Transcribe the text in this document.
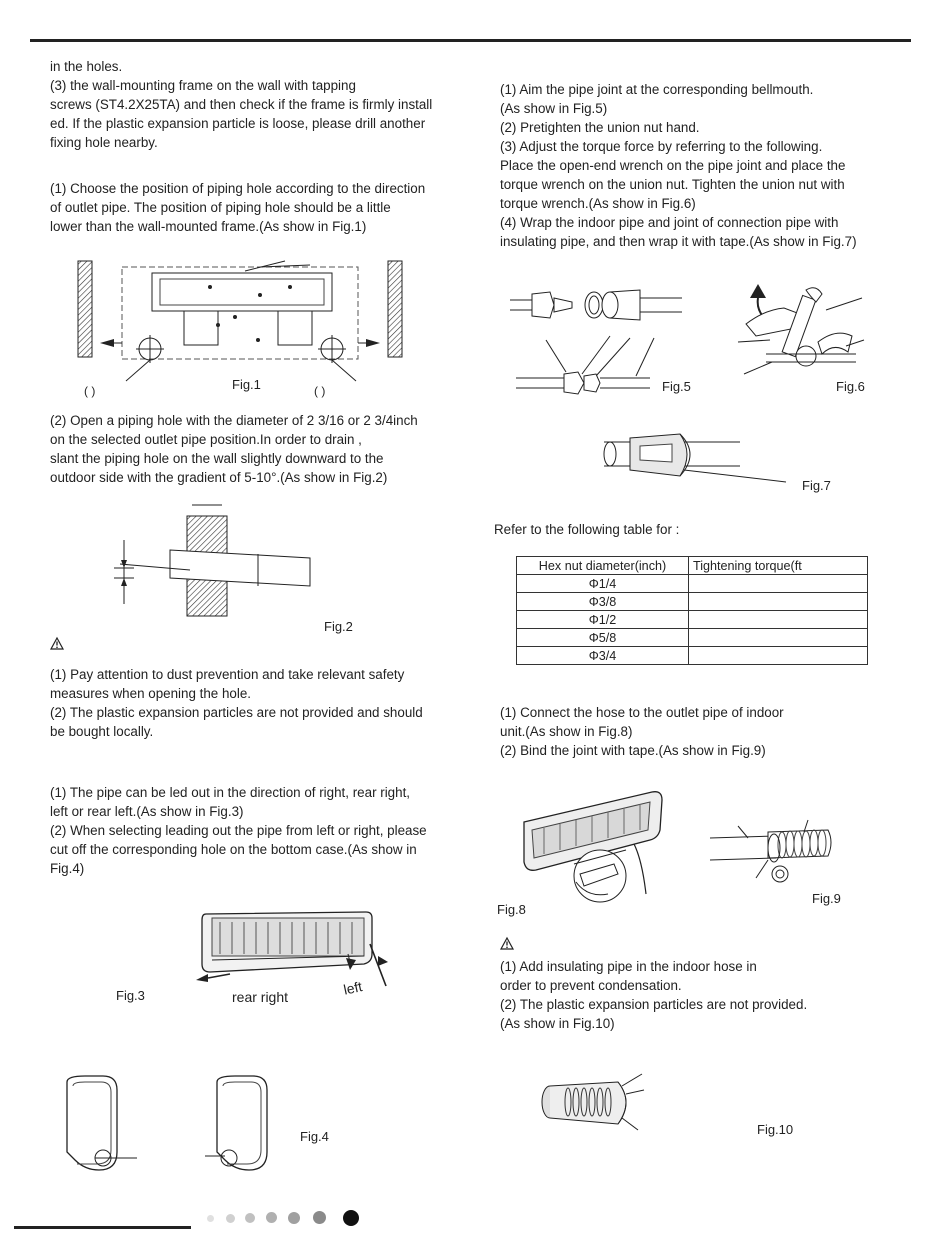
in the holes.
(3) the wall-mounting frame on the wall with tapping
screws (ST4.2X25TA) and then check if the frame is firmly install
ed. If the plastic expansion particle is loose, please drill another
fixing hole nearby.
(1) Choose the position of piping hole according to the direction
of outlet pipe. The position of piping hole should be a little
lower than the wall-mounted frame.(As show in Fig.1)
( )	( )
Fig.1
(2) Open a piping hole with the diameter of 2 3/16 or 2 3/4inch
on the selected outlet pipe position.In order to drain ,
slant the piping hole on the wall slightly downward to the
outdoor side with the gradient of 5-10°.(As show in Fig.2)
Fig.2
(1) Pay attention to dust prevention and take relevant safety
measures when opening the hole.
(2) The plastic expansion particles are not provided and should
be bought locally.
(1) The pipe can be led out in the direction of right, rear right,
left or rear left.(As show in Fig.3)
(2) When selecting leading out the pipe from left or right, please
cut off the corresponding hole on the bottom case.(As show in
Fig.4)
Fig.3	rear right	left
Fig.4
(1) Aim the pipe joint at the corresponding bellmouth.
(As show in Fig.5)
(2) Pretighten the union nut hand.
(3) Adjust the torque force by referring to the following.
Place the open-end wrench on the pipe joint and place the
torque wrench on the union nut. Tighten the union nut with
torque wrench.(As show in Fig.6)
(4) Wrap the indoor pipe and joint of connection pipe with
insulating pipe, and then wrap it with tape.(As show in Fig.7)
Fig.5	Fig.6
Fig.7
Refer to the following table for :
Hex nut diameter(inch)	Tightening torque(ft
Φ1/4	
Φ3/8	
Φ1/2	
Φ5/8	
Φ3/4	
(1) Connect the hose to the outlet pipe of indoor
unit.(As show in Fig.8)
(2) Bind the joint with tape.(As show in Fig.9)
Fig.8
Fig.9
(1) Add insulating pipe in the indoor hose in
order to prevent condensation.
(2) The plastic expansion particles are not provided.
(As show in Fig.10)
Fig.10
